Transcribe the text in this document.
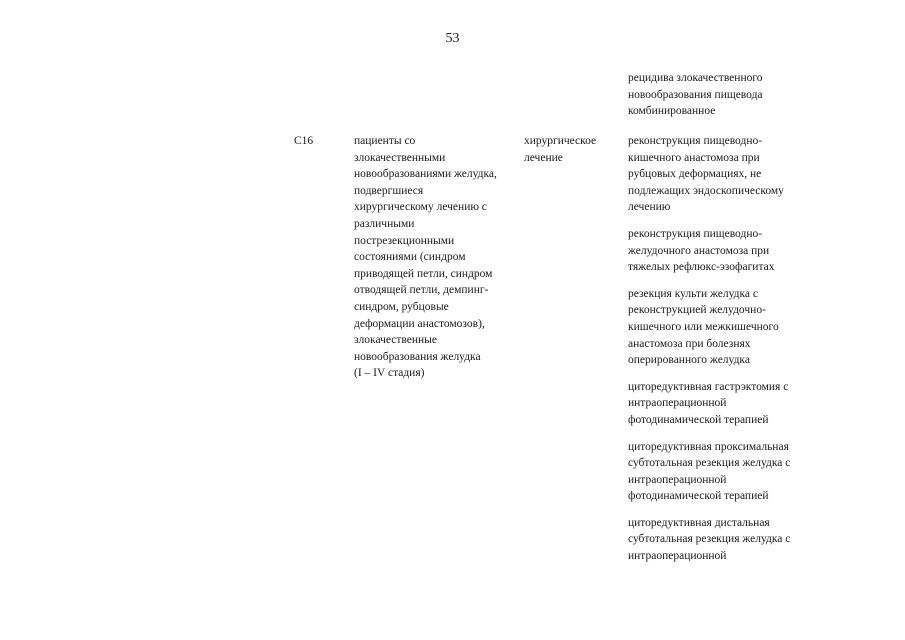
53
рецидива злокачественного
новообразования пищевода
комбинированное
C16	пациенты со
злокачественными
новообразованиями желудка,
подвергшиеся
хирургическому лечению с
различными
пострезекционными
состояниями (синдром
приводящей петли, синдром
отводящей петли, демпинг-
синдром, рубцовые
деформации анастомозов),
злокачественные
новообразования желудка
(I – IV стадия)
хирургическое
лечение
реконструкция пищеводно-
кишечного анастомоза при
рубцовых деформациях, не
подлежащих эндоскопическому
лечению
реконструкция пищеводно-
желудочного анастомоза при
тяжелых рефлюкс-эзофагитах
резекция культи желудка с
реконструкцией желудочно-
кишечного или межкишечного
анастомоза при болезнях
оперированного желудка
циторедуктивная гастрэктомия с
интраоперационной
фотодинамической терапией
циторедуктивная проксимальная
субтотальная резекция желудка с
интраоперационной
фотодинамической терапией
циторедуктивная дистальная
субтотальная резекция желудка с
интраоперационной
